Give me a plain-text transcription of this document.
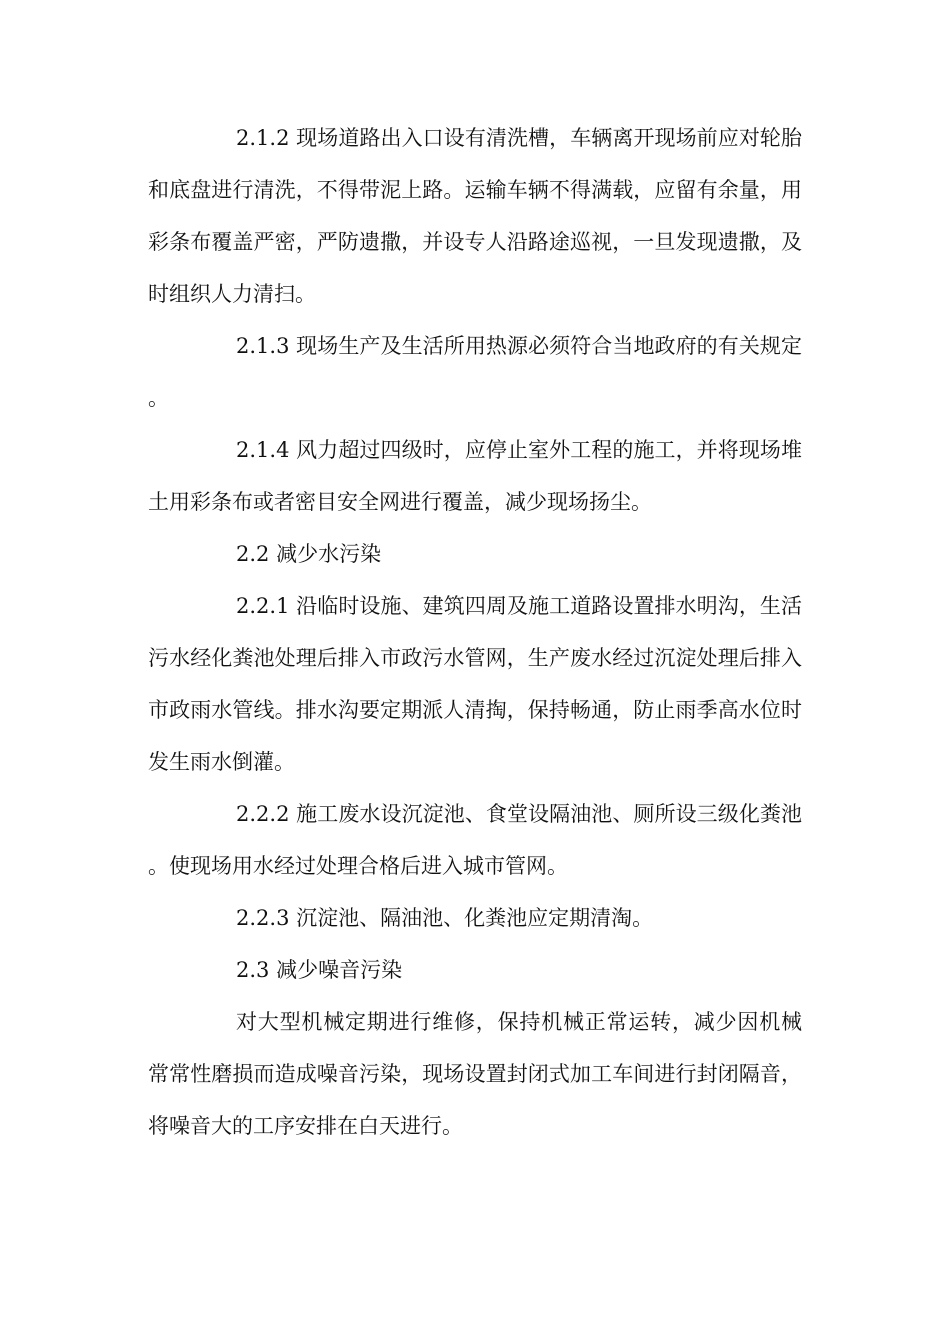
2.1.2 现场道路出入口设有清洗槽，车辆离开现场前应对轮胎和底盘进行清洗，不得带泥上路。运输车辆不得满载，应留有余量，用彩条布覆盖严密，严防遗撒，并设专人沿路途巡视，一旦发现遗撒，及时组织人力清扫。

2.1.3 现场生产及生活所用热源必须符合当地政府的有关规定。

2.1.4 风力超过四级时，应停止室外工程的施工，并将现场堆土用彩条布或者密目安全网进行覆盖，减少现场扬尘。

2.2 减少水污染

2.2.1 沿临时设施、建筑四周及施工道路设置排水明沟，生活污水经化粪池处理后排入市政污水管网，生产废水经过沉淀处理后排入市政雨水管线。排水沟要定期派人清掏，保持畅通，防止雨季高水位时发生雨水倒灌。

2.2.2 施工废水设沉淀池、食堂设隔油池、厕所设三级化粪池。使现场用水经过处理合格后进入城市管网。

2.2.3 沉淀池、隔油池、化粪池应定期清淘。

2.3 减少噪音污染

对大型机械定期进行维修，保持机械正常运转，减少因机械常常性磨损而造成噪音污染，现场设置封闭式加工车间进行封闭隔音，将噪音大的工序安排在白天进行。
